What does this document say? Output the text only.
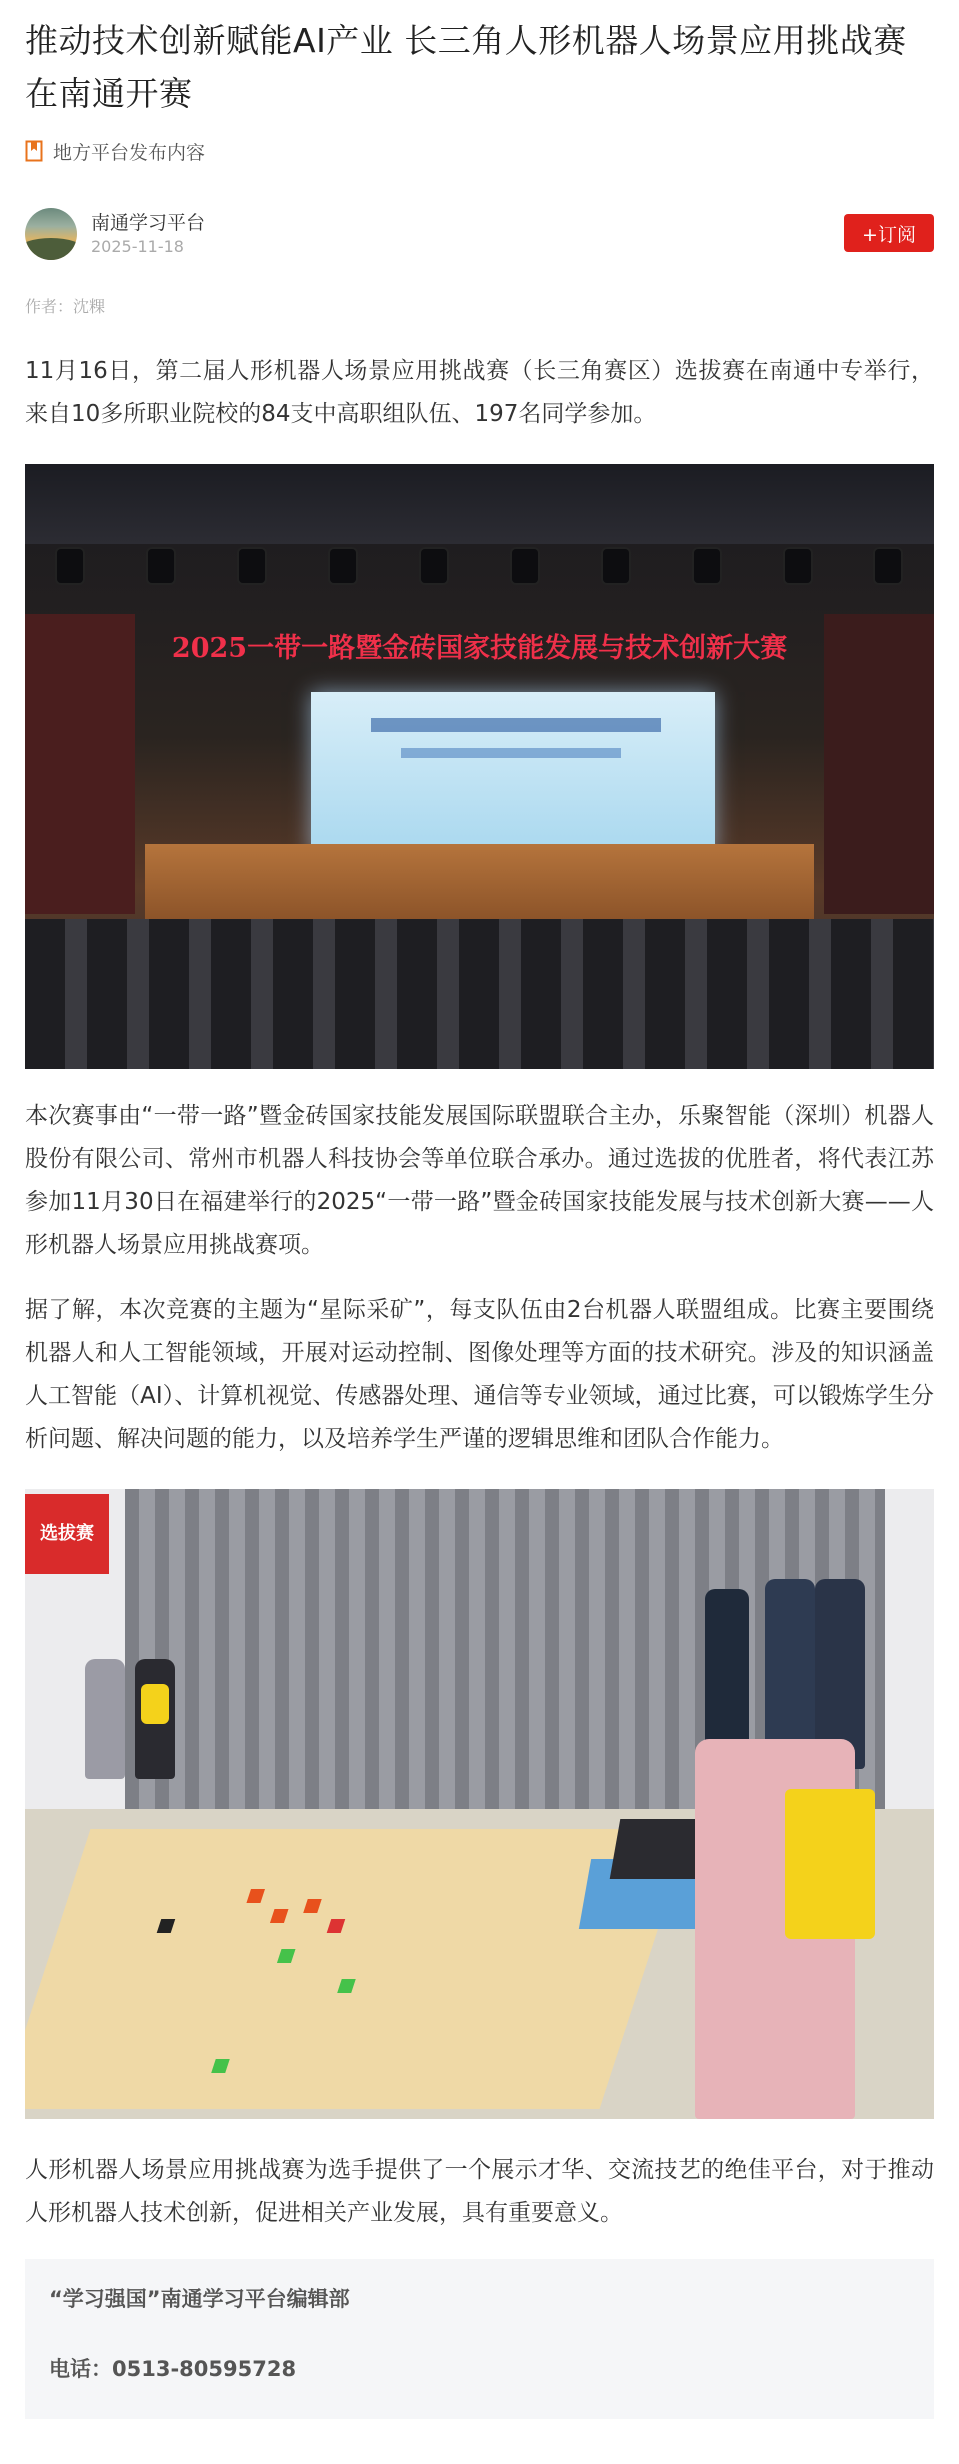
推动技术创新赋能AI产业 长三角人形机器人场景应用挑战赛在南通开赛
地方平台发布内容
南通学习平台
2025-11-18
+订阅
作者：沈粿

11月16日，第二届人形机器人场景应用挑战赛（长三角赛区）选拔赛在南通中专举行，来自10多所职业院校的84支中高职组队伍、197名同学参加。

2025一带一路暨金砖国家技能发展与技术创新大赛

本次赛事由“一带一路”暨金砖国家技能发展国际联盟联合主办，乐聚智能（深圳）机器人股份有限公司、常州市机器人科技协会等单位联合承办。通过选拔的优胜者，将代表江苏参加11月30日在福建举行的2025“一带一路”暨金砖国家技能发展与技术创新大赛——人形机器人场景应用挑战赛项。

据了解，本次竞赛的主题为“星际采矿”，每支队伍由2台机器人联盟组成。比赛主要围绕机器人和人工智能领域，开展对运动控制、图像处理等方面的技术研究。涉及的知识涵盖人工智能（AI）、计算机视觉、传感器处理、通信等专业领域，通过比赛，可以锻炼学生分析问题、解决问题的能力，以及培养学生严谨的逻辑思维和团队合作能力。

选拔赛

人形机器人场景应用挑战赛为选手提供了一个展示才华、交流技艺的绝佳平台，对于推动人形机器人技术创新，促进相关产业发展，具有重要意义。

“学习强国”南通学习平台编辑部
电话：0513-80595728
